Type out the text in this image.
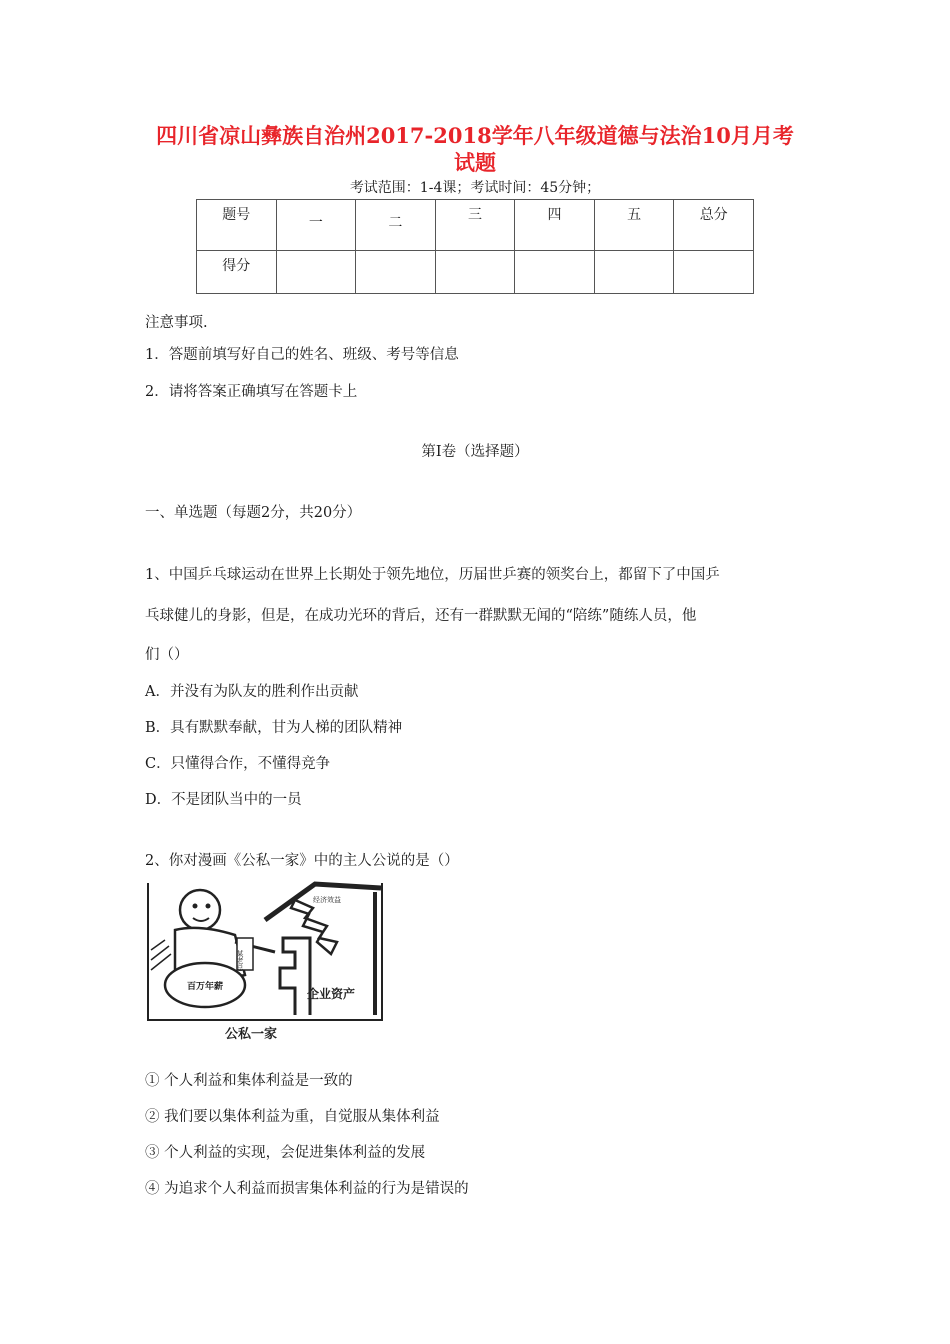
四川省凉山彝族自治州2017-2018学年八年级道德与法治10月月考
试题
考试范围：1-4课；考试时间：45分钟；
题号	一	二	三	四	五	总分
得分						
注意事项.
1．答题前填写好自己的姓名、班级、考号等信息
2．请将答案正确填写在答题卡上
第Ⅰ卷（选择题）
一、单选题（每题2分，共20分）
1、中国乒乓球运动在世界上长期处于领先地位，历届世乒赛的领奖台上，都留下了中国乒
乓球健儿的身影，但是，在成功光环的背后，还有一群默默无闻的“陪练”随练人员，他
们（）
A．并没有为队友的胜利作出贡献
B．具有默默奉献，甘为人梯的团队精神
C．只懂得合作，不懂得竞争
D．不是团队当中的一员
2、你对漫画《公私一家》中的主人公说的是（）
经济效益
百万年薪
某老总
企业资产
公私一家
① 个人利益和集体利益是一致的
② 我们要以集体利益为重，自觉服从集体利益
③ 个人利益的实现，会促进集体利益的发展
④ 为追求个人利益而损害集体利益的行为是错误的
